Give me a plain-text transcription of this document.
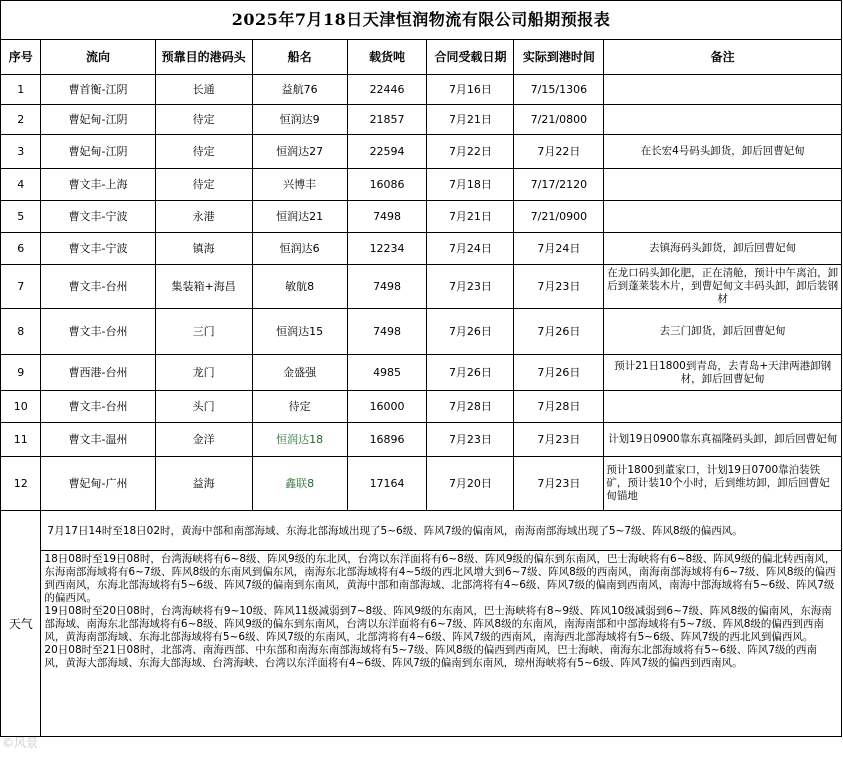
2025年7月18日天津恒润物流有限公司船期预报表							
序号	流向	预靠目的港码头	船名	载货吨	合同受载日期	实际到港时间	备注
1	曹首衡-江阴	长通	益航76	22446	7月16日	7/15/1306	
2	曹妃甸-江阴	待定	恒润达9	21857	7月21日	7/21/0800	
3	曹妃甸-江阴	待定	恒润达27	22594	7月22日	7月22日	在长宏4号码头卸货，卸后回曹妃甸
4	曹文丰-上海	待定	兴博丰	16086	7月18日	7/17/2120	
5	曹文丰-宁波	永港	恒润达21	7498	7月21日	7/21/0900	
6	曹文丰-宁波	镇海	恒润达6	12234	7月24日	7月24日	去镇海码头卸货，卸后回曹妃甸
7	曹文丰-台州	集装箱+海昌	敏航8	7498	7月23日	7月23日	在龙口码头卸化肥，正在清舱，预计中午离泊，卸后到蓬莱装木片，到曹妃甸文丰码头卸，卸后装钢材
8	曹文丰-台州	三门	恒润达15	7498	7月26日	7月26日	去三门卸货，卸后回曹妃甸
9	曹西港-台州	龙门	金盛强	4985	7月26日	7月26日	预计21日1800到青岛，去青岛+天津两港卸钢材，卸后回曹妃甸
10	曹文丰-台州	头门	待定	16000	7月28日	7月28日	
11	曹文丰-温州	金洋	恒润达18	16896	7月23日	7月23日	计划19日0900靠东真福隆码头卸，卸后回曹妃甸
12	曹妃甸-广州	益海	鑫联8	17164	7月20日	7月23日	预计1800到董家口，计划19日0700靠泊装铁矿，预计装10个小时，后到维坊卸，卸后回曹妃甸锚地
天气	7月17日14时至18日02时，黄海中部和南部海域、东海北部海域出现了5~6级、阵风7级的偏南风，南海南部海域出现了5~7级、阵风8级的偏西风。						

	18日08时至19日08时，台湾海峡将有6~8级、阵风9级的东北风，台湾以东洋面将有6~8级、阵风9级的偏东到东南风，巴士海峡将有6~8级、阵风9级的偏北转西南风，东海南部海域将有6~7级、阵风8级的东南风到偏东风，南海东北部海域将有4~5级的西北风增大到6~7级、阵风8级的西南风，南海南部海域将有6~7级、阵风8级的偏西到西南风，东海北部海域将有5~6级、阵风7级的偏南到东南风，黄海中部和南部海域、北部湾将有4~6级、阵风7级的偏南到西南风，南海中部海域将有5~6级、阵风7级的偏西风。
19日08时至20日08时，台湾海峡将有9~10级、阵风11级减弱到7~8级、阵风9级的东南风，巴士海峡将有8~9级、阵风10级减弱到6~7级、阵风8级的偏南风，东海南部海域、南海东北部海域将有6~8级、阵风9级的偏东到东南风，台湾以东洋面将有6~7级、阵风8级的东南风，南海南部和中部海域将有5~7级、阵风8级的偏西到西南风，黄海南部海域、东海北部海域将有5~6级、阵风7级的东南风，北部湾将有4~6级、阵风7级的西南风，南海西北部海域将有5~6级、阵风7级的西北风到偏西风。
20日08时至21日08时，北部湾、南海西部、中东部和南海东南部海域将有5~7级、阵风8级的偏西到西南风，巴士海峡、南海东北部海域将有5~6级、阵风7级的西南风，黄海大部海域、东海大部海域、台湾海峡、台湾以东洋面将有4~6级、阵风7级的偏南到东南风，琼州海峡将有5~6级、阵风7级的偏西到西南风。						
©风景
